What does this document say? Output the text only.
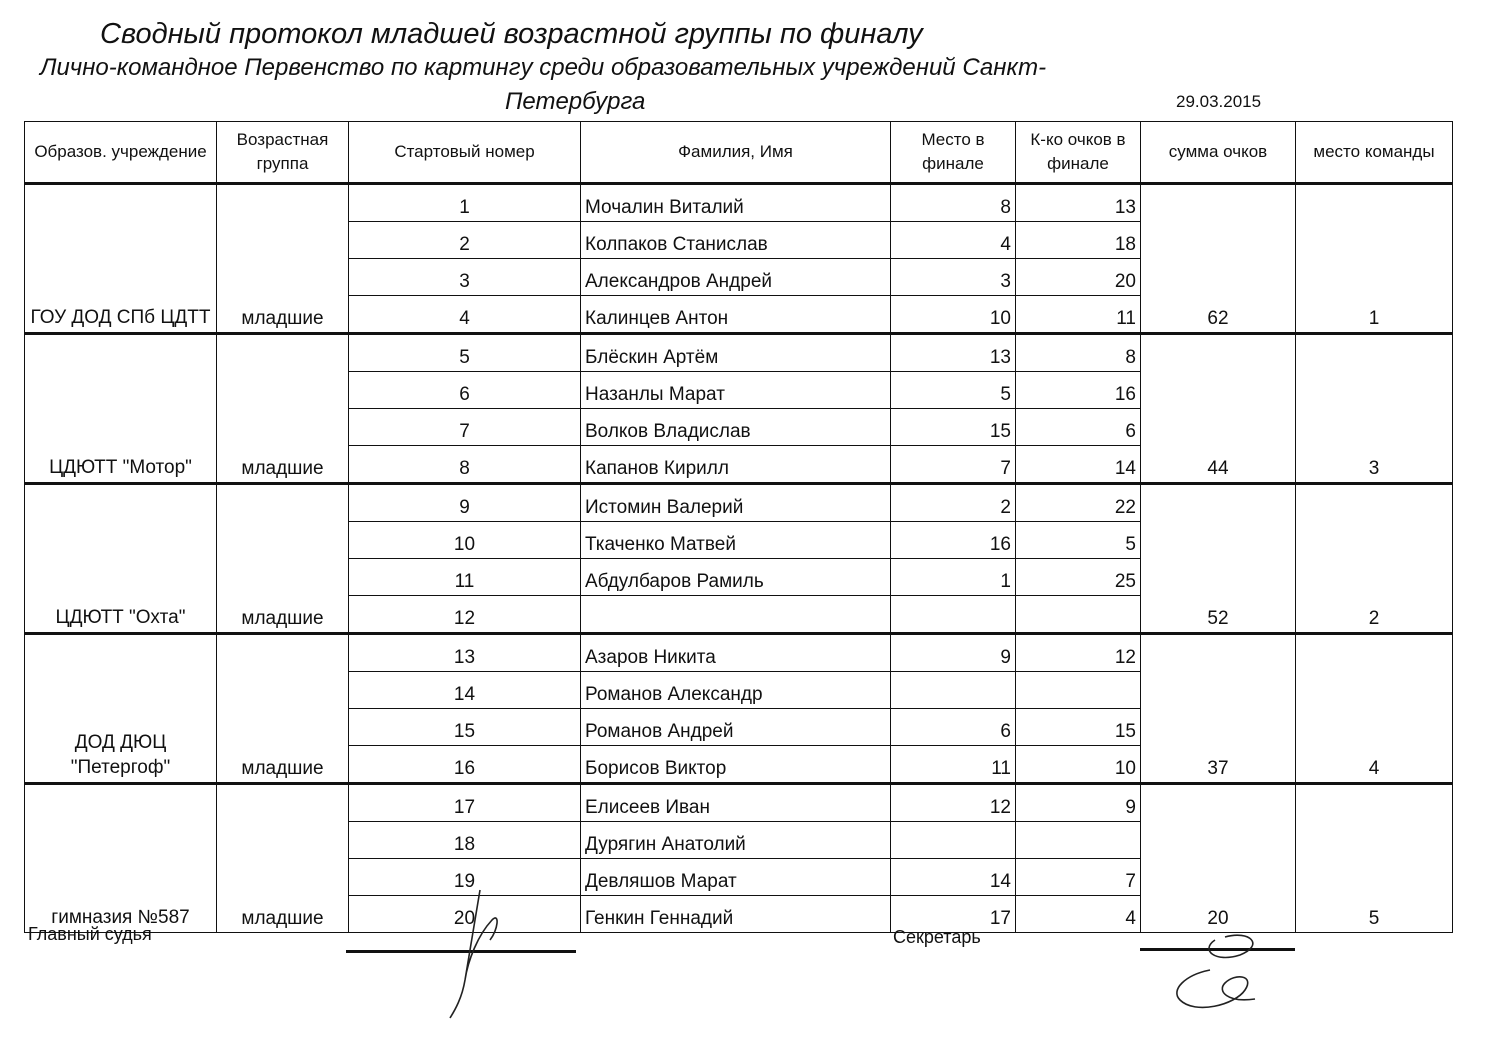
Сводный протокол младшей возрастной группы по финалу
Лично-командное Первенство по картингу среди образовательных учреждений Санкт-
Петербурга	29.03.2015
Образов. учреждение	Возрастная группа	Стартовый номер	Фамилия, Имя	Место в финале	К-ко очков в финале	сумма очков	место команды
ГОУ ДОД СПб ЦДТТ	младшие	1	Мочалин Виталий	8	13	62	1
		2	Колпаков Станислав	4	18		
		3	Александров Андрей	3	20		
		4	Калинцев Антон	10	11		
ЦДЮТТ "Мотор"	младшие	5	Блёскин Артём	13	8	44	3
		6	Назанлы Марат	5	16		
		7	Волков Владислав	15	6		
		8	Капанов Кирилл	7	14		
ЦДЮТТ "Охта"	младшие	9	Истомин Валерий	2	22	52	2
		10	Ткаченко Матвей	16	5		
		11	Абдулбаров Рамиль	1	25		
		12					
ДОД ДЮЦ "Петергоф"	младшие	13	Азаров Никита	9	12	37	4
		14	Романов Александр				
		15	Романов Андрей	6	15		
		16	Борисов Виктор	11	10		
гимназия №587	младшие	17	Елисеев Иван	12	9	20	5
		18	Дурягин Анатолий				
		19	Девляшов Марат	14	7		
		20	Генкин Геннадий	17	4		
Главный судья	Секретарь
